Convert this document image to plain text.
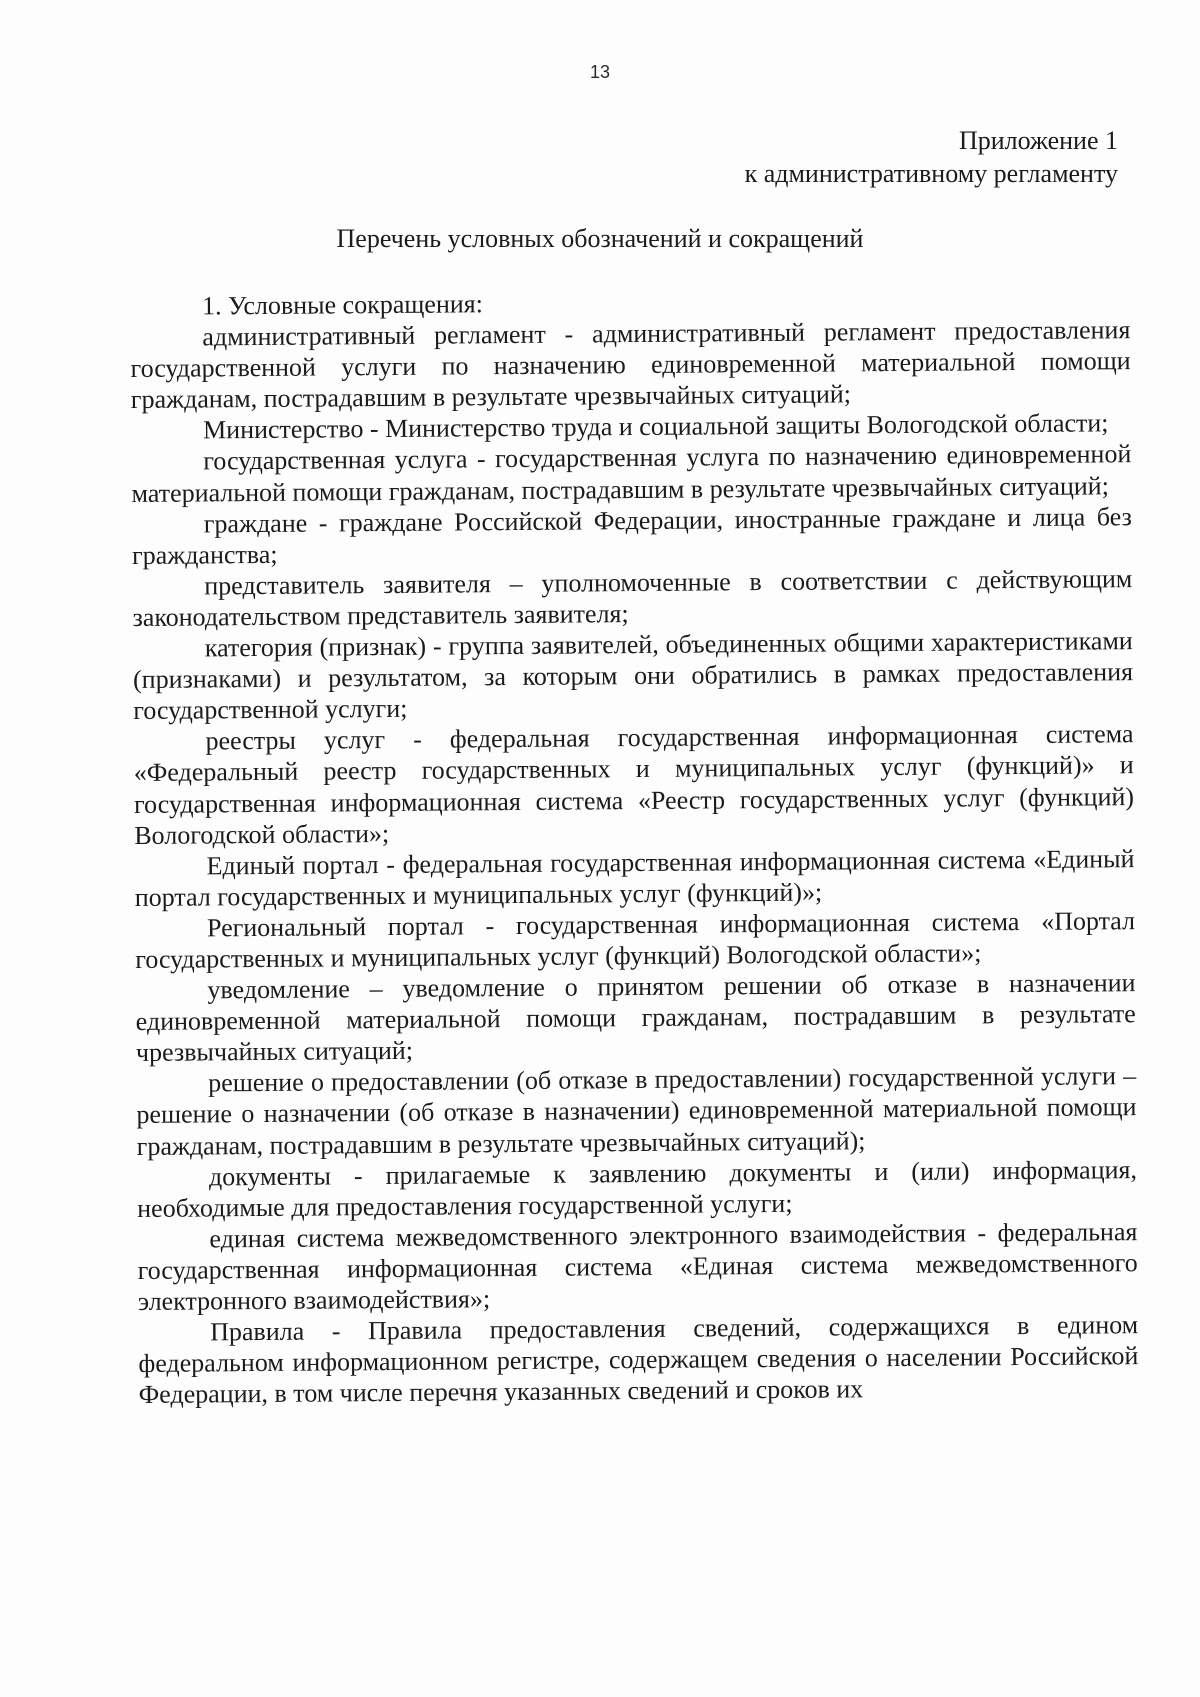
13
Приложение 1
к административному регламенту
Перечень условных обозначений и сокращений

1. Условные сокращения:

административный регламент - административный регламент предоставления государственной услуги по назначению единовременной материальной помощи гражданам, пострадавшим в результате чрезвычайных ситуаций;

Министерство - Министерство труда и социальной защиты Вологодской области;

государственная услуга - государственная услуга по назначению единовременной материальной помощи гражданам, пострадавшим в результате чрезвычайных ситуаций;

граждане - граждане Российской Федерации, иностранные граждане и лица без гражданства;

представитель заявителя – уполномоченные в соответствии с действующим законодательством представитель заявителя;

категория (признак) - группа заявителей, объединенных общими характеристиками (признаками) и результатом, за которым они обратились в рамках предоставления государственной услуги;

реестры услуг - федеральная государственная информационная система «Федеральный реестр государственных и муниципальных услуг (функций)» и государственная информационная система «Реестр государственных услуг (функций) Вологодской области»;

Единый портал - федеральная государственная информационная система «Единый портал государственных и муниципальных услуг (функций)»;

Региональный портал - государственная информационная система «Портал государственных и муниципальных услуг (функций) Вологодской области»;

уведомление – уведомление о принятом решении об отказе в назначении единовременной материальной помощи гражданам, пострадавшим в результате чрезвычайных ситуаций;

решение о предоставлении (об отказе в предоставлении) государственной услуги – решение о назначении (об отказе в назначении) единовременной материальной помощи гражданам, пострадавшим в результате чрезвычайных ситуаций);

документы - прилагаемые к заявлению документы и (или) информация, необходимые для предоставления государственной услуги;

единая система межведомственного электронного взаимодействия - федеральная государственная информационная система «Единая система межведомственного электронного взаимодействия»;

Правила - Правила предоставления сведений, содержащихся в едином федеральном информационном регистре, содержащем сведения о населении Российской Федерации, в том числе перечня указанных сведений и сроков их
